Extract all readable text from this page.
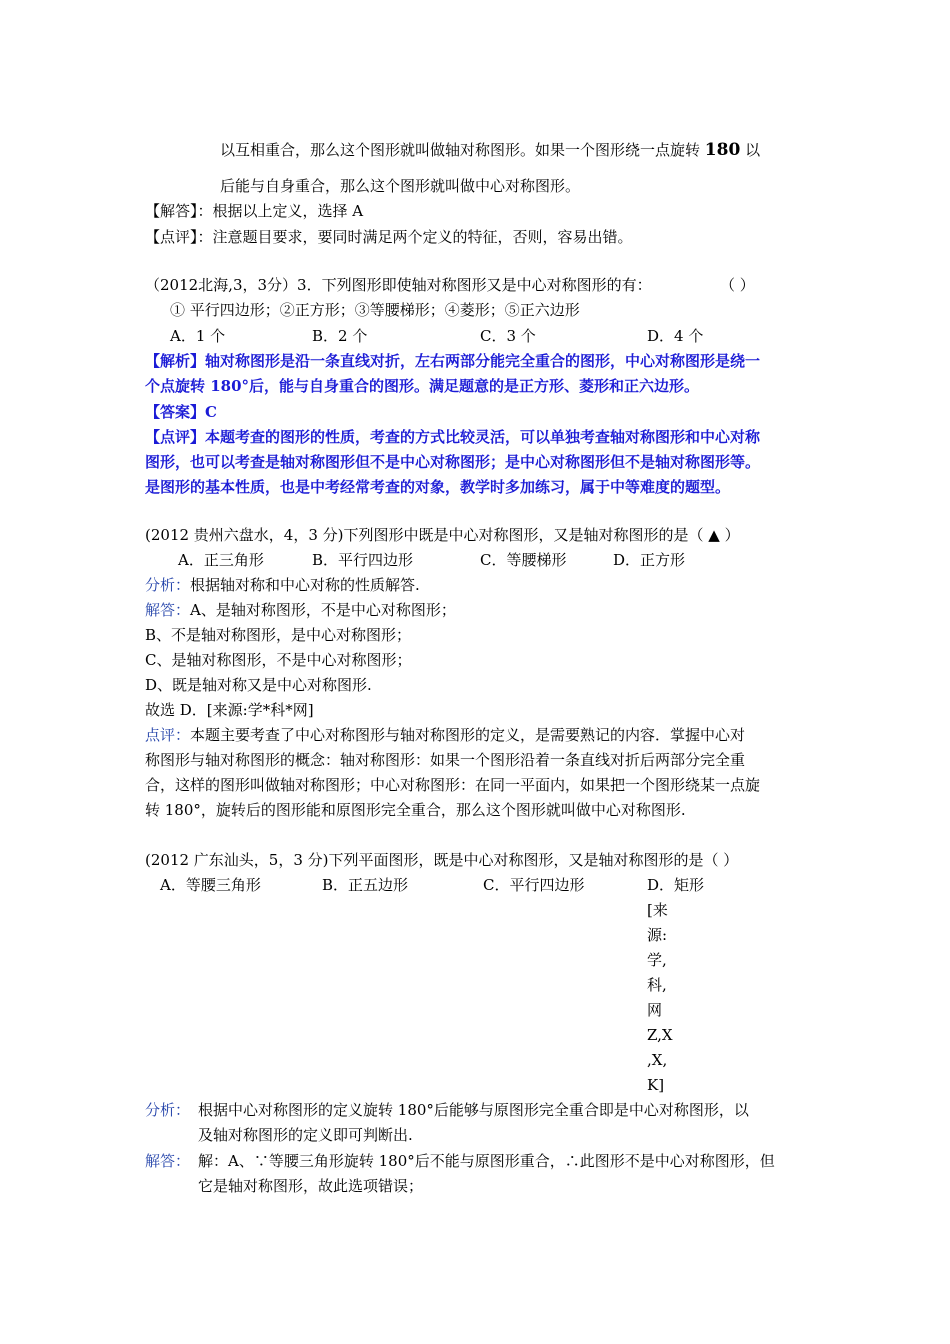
以互相重合，那么这个图形就叫做轴对称图形。如果一个图形绕一点旋转 180 以
后能与自身重合，那么这个图形就叫做中心对称图形。
【解答】：根据以上定义，选择 A
【点评】：注意题目要求，要同时满足两个定义的特征，否则，容易出错。
（2012北海,3，3分）3．下列图形即使轴对称图形又是中心对称图形的有：	（ ）
① 平行四边形；②正方形；③等腰梯形；④菱形；⑤正六边形
A．1 个	B．2 个	C．3 个	D．4 个
【解析】轴对称图形是沿一条直线对折，左右两部分能完全重合的图形，中心对称图形是绕一
个点旋转 180°后，能与自身重合的图形。满足题意的是正方形、菱形和正六边形。
【答案】C
【点评】本题考查的图形的性质，考查的方式比较灵活，可以单独考查轴对称图形和中心对称
图形，也可以考查是轴对称图形但不是中心对称图形；是中心对称图形但不是轴对称图形等。
是图形的基本性质，也是中考经常考查的对象，教学时多加练习，属于中等难度的题型。
(2012 贵州六盘水，4，3 分)下列图形中既是中心对称图形，又是轴对称图形的是（ ▲ ）
A．正三角形	B．平行四边形	C．等腰梯形	D．正方形
分析：根据轴对称和中心对称的性质解答.
解答：A、是轴对称图形，不是中心对称图形；
B、不是轴对称图形，是中心对称图形；
C、是轴对称图形，不是中心对称图形；
D、既是轴对称又是中心对称图形.
故选 D．[来源:学*科*网]
点评：本题主要考查了中心对称图形与轴对称图形的定义，是需要熟记的内容．掌握中心对
称图形与轴对称图形的概念：轴对称图形：如果一个图形沿着一条直线对折后两部分完全重
合，这样的图形叫做轴对称图形；中心对称图形：在同一平面内，如果把一个图形绕某一点旋
转 180°，旋转后的图形能和原图形完全重合，那么这个图形就叫做中心对称图形.
(2012 广东汕头，5，3 分)下列平面图形，既是中心对称图形，又是轴对称图形的是（ ）
A．等腰三角形	B．正五边形	C．平行四边形	D．矩形
[来
源:
学,
科,
网
Z,X
,X,
K]
分析： 根据中心对称图形的定义旋转 180°后能够与原图形完全重合即是中心对称图形，以
及轴对称图形的定义即可判断出.
解答： 解：A、∵等腰三角形旋转 180°后不能与原图形重合，∴此图形不是中心对称图形，但
它是轴对称图形，故此选项错误；
